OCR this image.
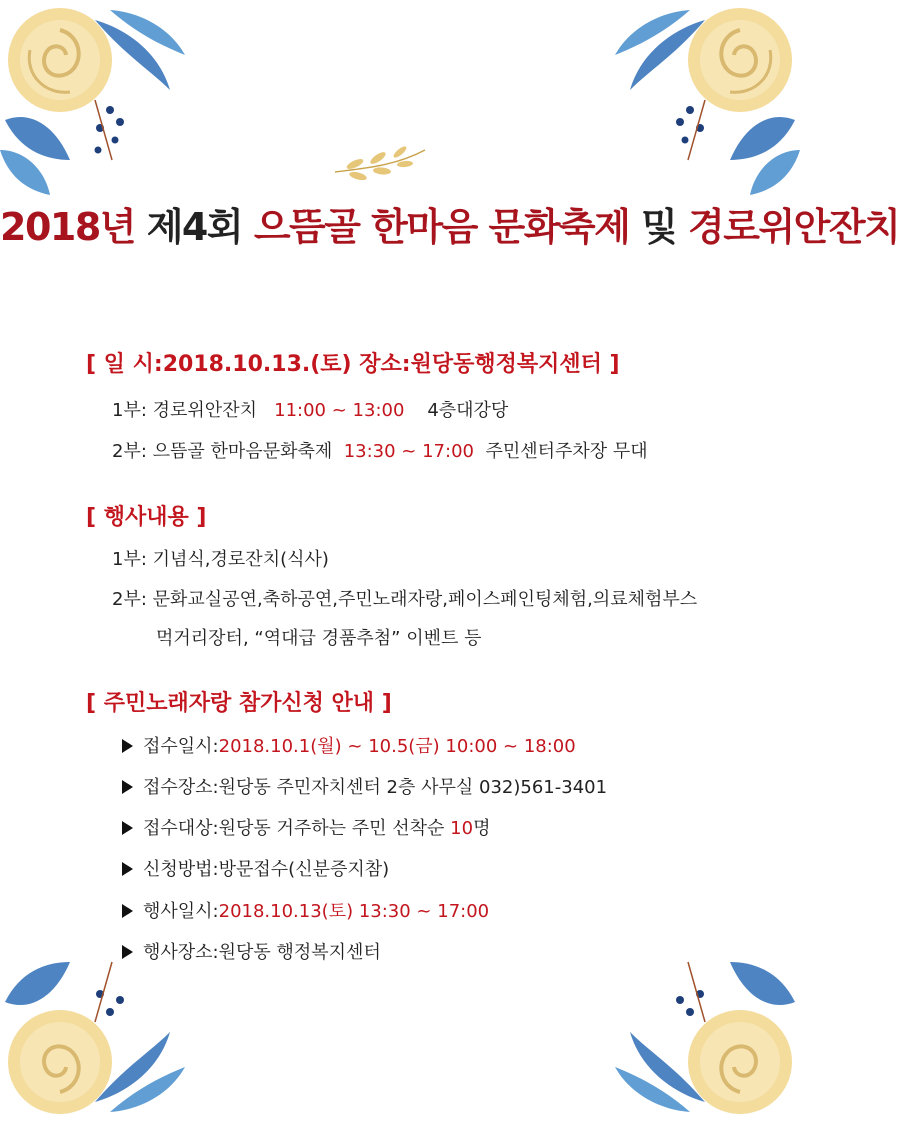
2018년 제4회 으뜸골 한마음 문화축제 및 경로위안잔치
[ 일 시:2018.10.13.(토) 장소:원당동행정복지센터 ]
1부: 경로위안잔치 11:00 ~ 13:00 4층대강당
2부: 으뜸골 한마음문화축제 13:30 ~ 17:00 주민센터주차장 무대
[ 행사내용 ]
1부: 기념식,경로잔치(식사)
2부: 문화교실공연,축하공연,주민노래자랑,페이스페인팅체험,의료체험부스
먹거리장터, “역대급 경품추첨” 이벤트 등
[ 주민노래자랑 참가신청 안내 ]
접수일시:2018.10.1(월) ~ 10.5(금) 10:00 ~ 18:00
접수장소:원당동 주민자치센터 2층 사무실 032)561-3401
접수대상:원당동 거주하는 주민 선착순 10명
신청방법:방문접수(신분증지참)
행사일시:2018.10.13(토) 13:30 ~ 17:00
행사장소:원당동 행정복지센터
